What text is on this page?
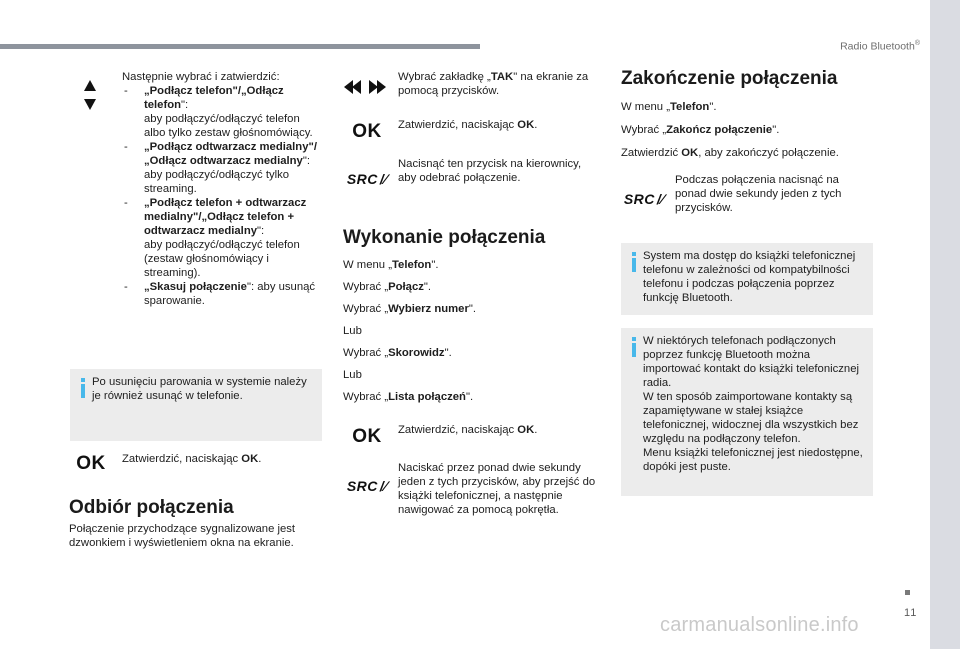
Radio Bluetooth®
11
carmanualsonline.info

Następnie wybrać i zatwierdzić:

- „Podłącz telefon"/„Odłącz telefon":
aby podłączyć/odłączyć telefon albo tylko zestaw głośnomówiący.
- „Podłącz odtwarzacz medialny"/„Odłącz odtwarzacz medialny":
aby podłączyć/odłączyć tylko streaming.
- „Podłącz telefon + odtwarzacz medialny"/„Odłącz telefon + odtwarzacz medialny":
aby podłączyć/odłączyć telefon (zestaw głośnomówiący i streaming).
- „Skasuj połączenie": aby usunąć sparowanie.
Po usunięciu parowania w systemie należy je również usunąć w telefonie.
OK Zatwierdzić, naciskając OK.
Odbiór połączenia
Połączenie przychodzące sygnalizowane jest dzwonkiem i wyświetleniem okna na ekranie.
Wybrać zakładkę „TAK" na ekranie za pomocą przycisków.
OK Zatwierdzić, naciskając OK.
SRC /∕
Nacisnąć ten przycisk na kierownicy, aby odebrać połączenie.
Wykonanie połączenia

W menu „Telefon".

Wybrać „Połącz".

Wybrać „Wybierz numer".

Lub

Wybrać „Skorowidz".

Lub

Wybrać „Lista połączeń".

OK Zatwierdzić, naciskając OK.
SRC /∕
Naciskać przez ponad dwie sekundy jeden z tych przycisków, aby przejść do książki telefonicznej, a następnie nawigować za pomocą pokrętła.
Zakończenie połączenia

W menu „Telefon".

Wybrać „Zakończ połączenie".

Zatwierdzić OK, aby zakończyć połączenie.

SRC /∕
Podczas połączenia nacisnąć na ponad dwie sekundy jeden z tych przycisków.
System ma dostęp do książki telefonicznej telefonu w zależności od kompatybilności telefonu i podczas połączenia poprzez funkcję Bluetooth.
W niektórych telefonach podłączonych poprzez funkcję Bluetooth można importować kontakt do książki telefonicznej radia.
W ten sposób zaimportowane kontakty są zapamiętywane w stałej książce telefonicznej, widocznej dla wszystkich bez względu na podłączony telefon.
Menu książki telefonicznej jest niedostępne, dopóki jest puste.
